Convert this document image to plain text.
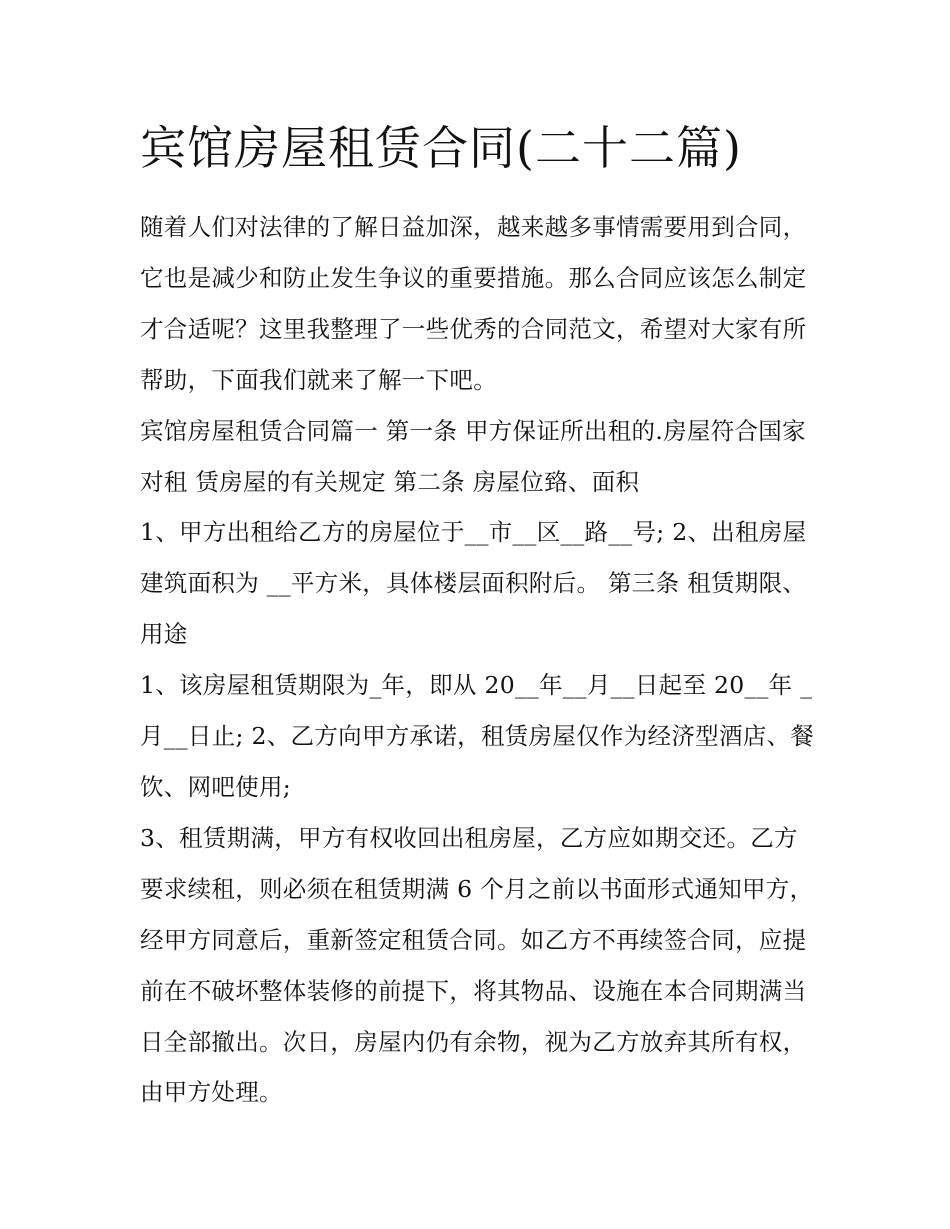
宾馆房屋租赁合同(二十二篇)

随着人们对法律的了解日益加深，越来越多事情需要用到合同，它也是减少和防止发生争议的重要措施。那么合同应该怎么制定才合适呢？这里我整理了一些优秀的合同范文，希望对大家有所帮助，下面我们就来了解一下吧。

宾馆房屋租赁合同篇一 第一条 甲方保证所出租的.房屋符合国家对租 赁房屋的有关规定 第二条 房屋位臵、面积

1、甲方出租给乙方的房屋位于__市__区__路__号; 2、出租房屋建筑面积为 __平方米，具体楼层面积附后。 第三条 租赁期限、用途

1、该房屋租赁期限为_年，即从 20__年__月__日起至 20__年 _月__日止; 2、乙方向甲方承诺，租赁房屋仅作为经济型酒店、餐饮、网吧使用;

3、租赁期满，甲方有权收回出租房屋，乙方应如期交还。乙方要求续租，则必须在租赁期满 6 个月之前以书面形式通知甲方，经甲方同意后，重新签定租赁合同。如乙方不再续签合同，应提前在不破坏整体装修的前提下，将其物品、设施在本合同期满当日全部撤出。次日，房屋内仍有余物，视为乙方放弃其所有权，由甲方处理。
